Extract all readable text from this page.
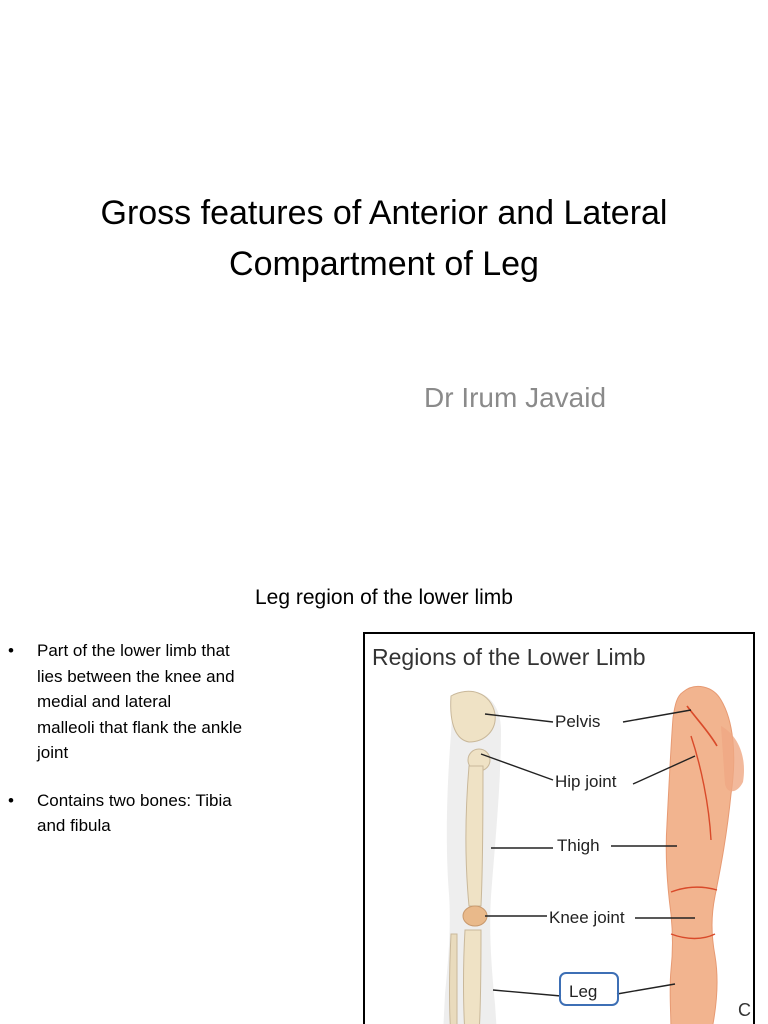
Gross features of Anterior and Lateral
Compartment of Leg
Dr Irum Javaid
Leg region of the lower limb
• Part of the lower limb that
lies between the knee and
medial and lateral
malleoli that flank the ankle
joint
• Contains two bones: Tibia
and fibula
Regions of the Lower Limb
Pelvis
Hip joint
Thigh
Knee joint
Leg
C
